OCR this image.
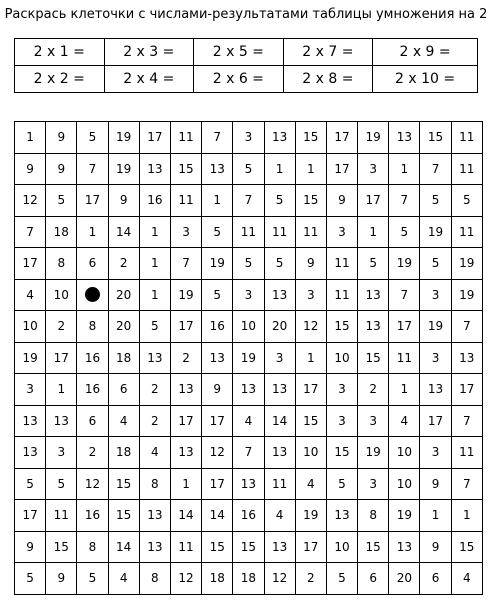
Раскрась клеточки с числами-результатами таблицы умножения на 2
2 x 1 =	2 x 3 =	2 x 5 =	2 x 7 =	2 x 9 =
2 x 2 =	2 x 4 =	2 x 6 =	2 x 8 =	2 x 10 =
1	9	5	19	17	11	7	3	13	15	17	19	13	15	11
9	9	7	19	13	15	13	5	1	1	17	3	1	7	11
12	5	17	9	16	11	1	7	5	15	9	17	7	5	5
7	18	1	14	1	3	5	11	11	11	3	1	5	19	11
17	8	6	2	1	7	19	5	5	9	11	5	19	5	19
4	10		20	1	19	5	3	13	3	11	13	7	3	19
10	2	8	20	5	17	16	10	20	12	15	13	17	19	7
19	17	16	18	13	2	13	19	3	1	10	15	11	3	13
3	1	16	6	2	13	9	13	13	17	3	2	1	13	17
13	13	6	4	2	17	17	4	14	15	3	3	4	17	7
13	3	2	18	4	13	12	7	13	10	15	19	10	3	11
5	5	12	15	8	1	17	13	11	4	5	3	10	9	7
17	11	16	15	13	14	14	16	4	19	13	8	19	1	1
9	15	8	14	13	11	15	15	13	17	10	15	13	9	15
5	9	5	4	8	12	18	18	12	2	5	6	20	6	4
